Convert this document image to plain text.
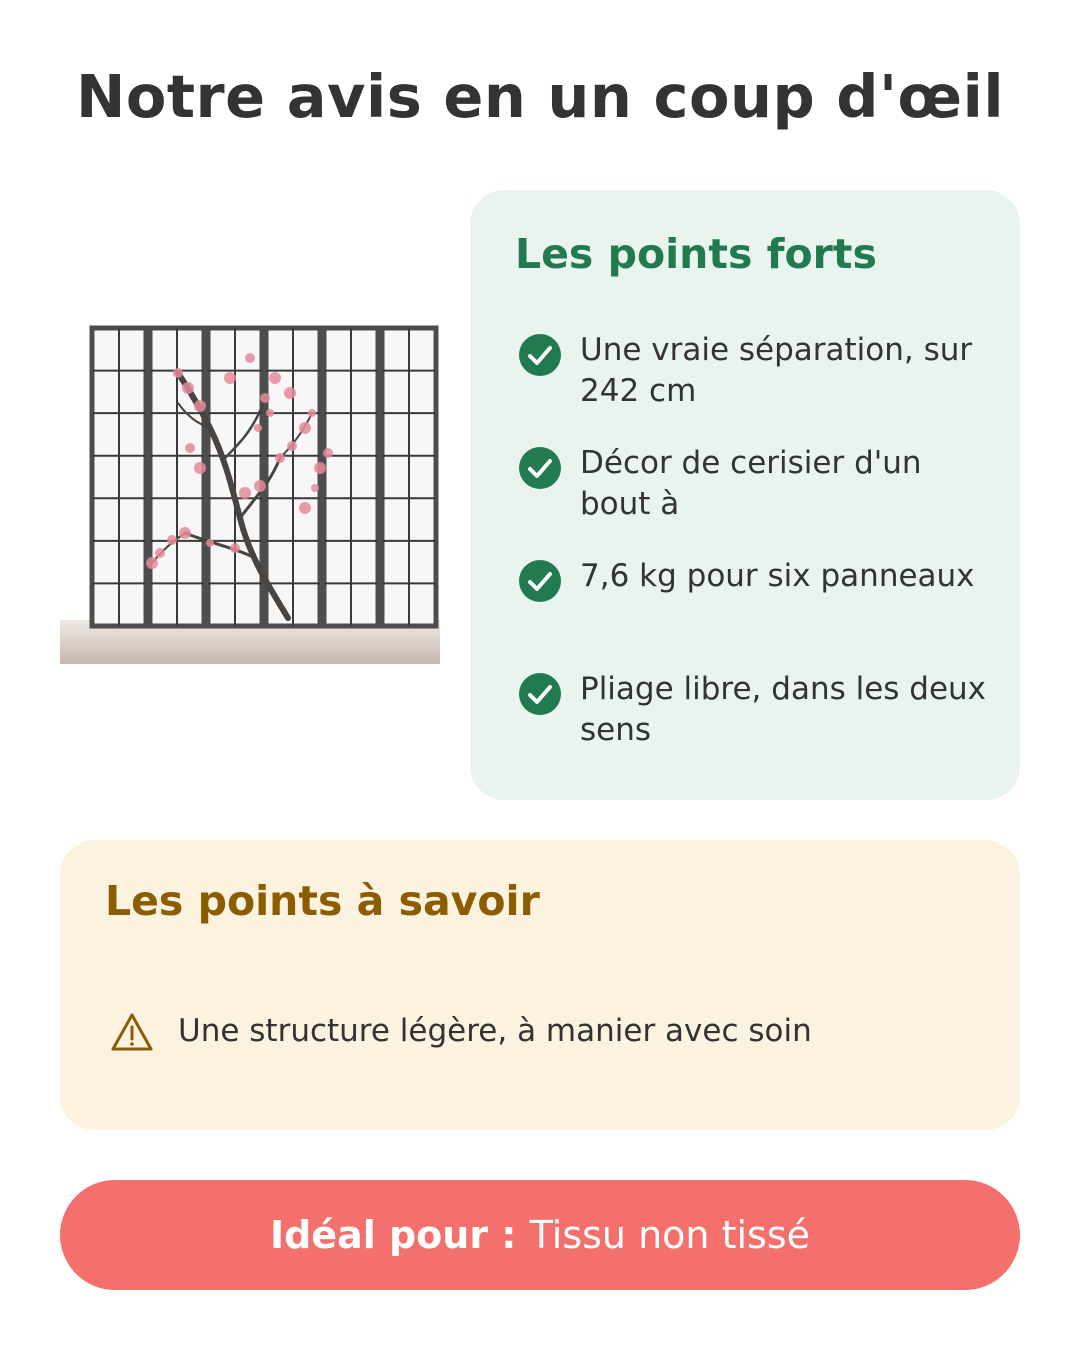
Notre avis en un coup d'œil
Les points forts
Une vraie séparation, sur 242 cm
Décor de cerisier d'un bout à
7,6 kg pour six panneaux
Pliage libre, dans les deux sens
Les points à savoir
Une structure légère, à manier avec soin
Idéal pour :
Tissu non tissé
